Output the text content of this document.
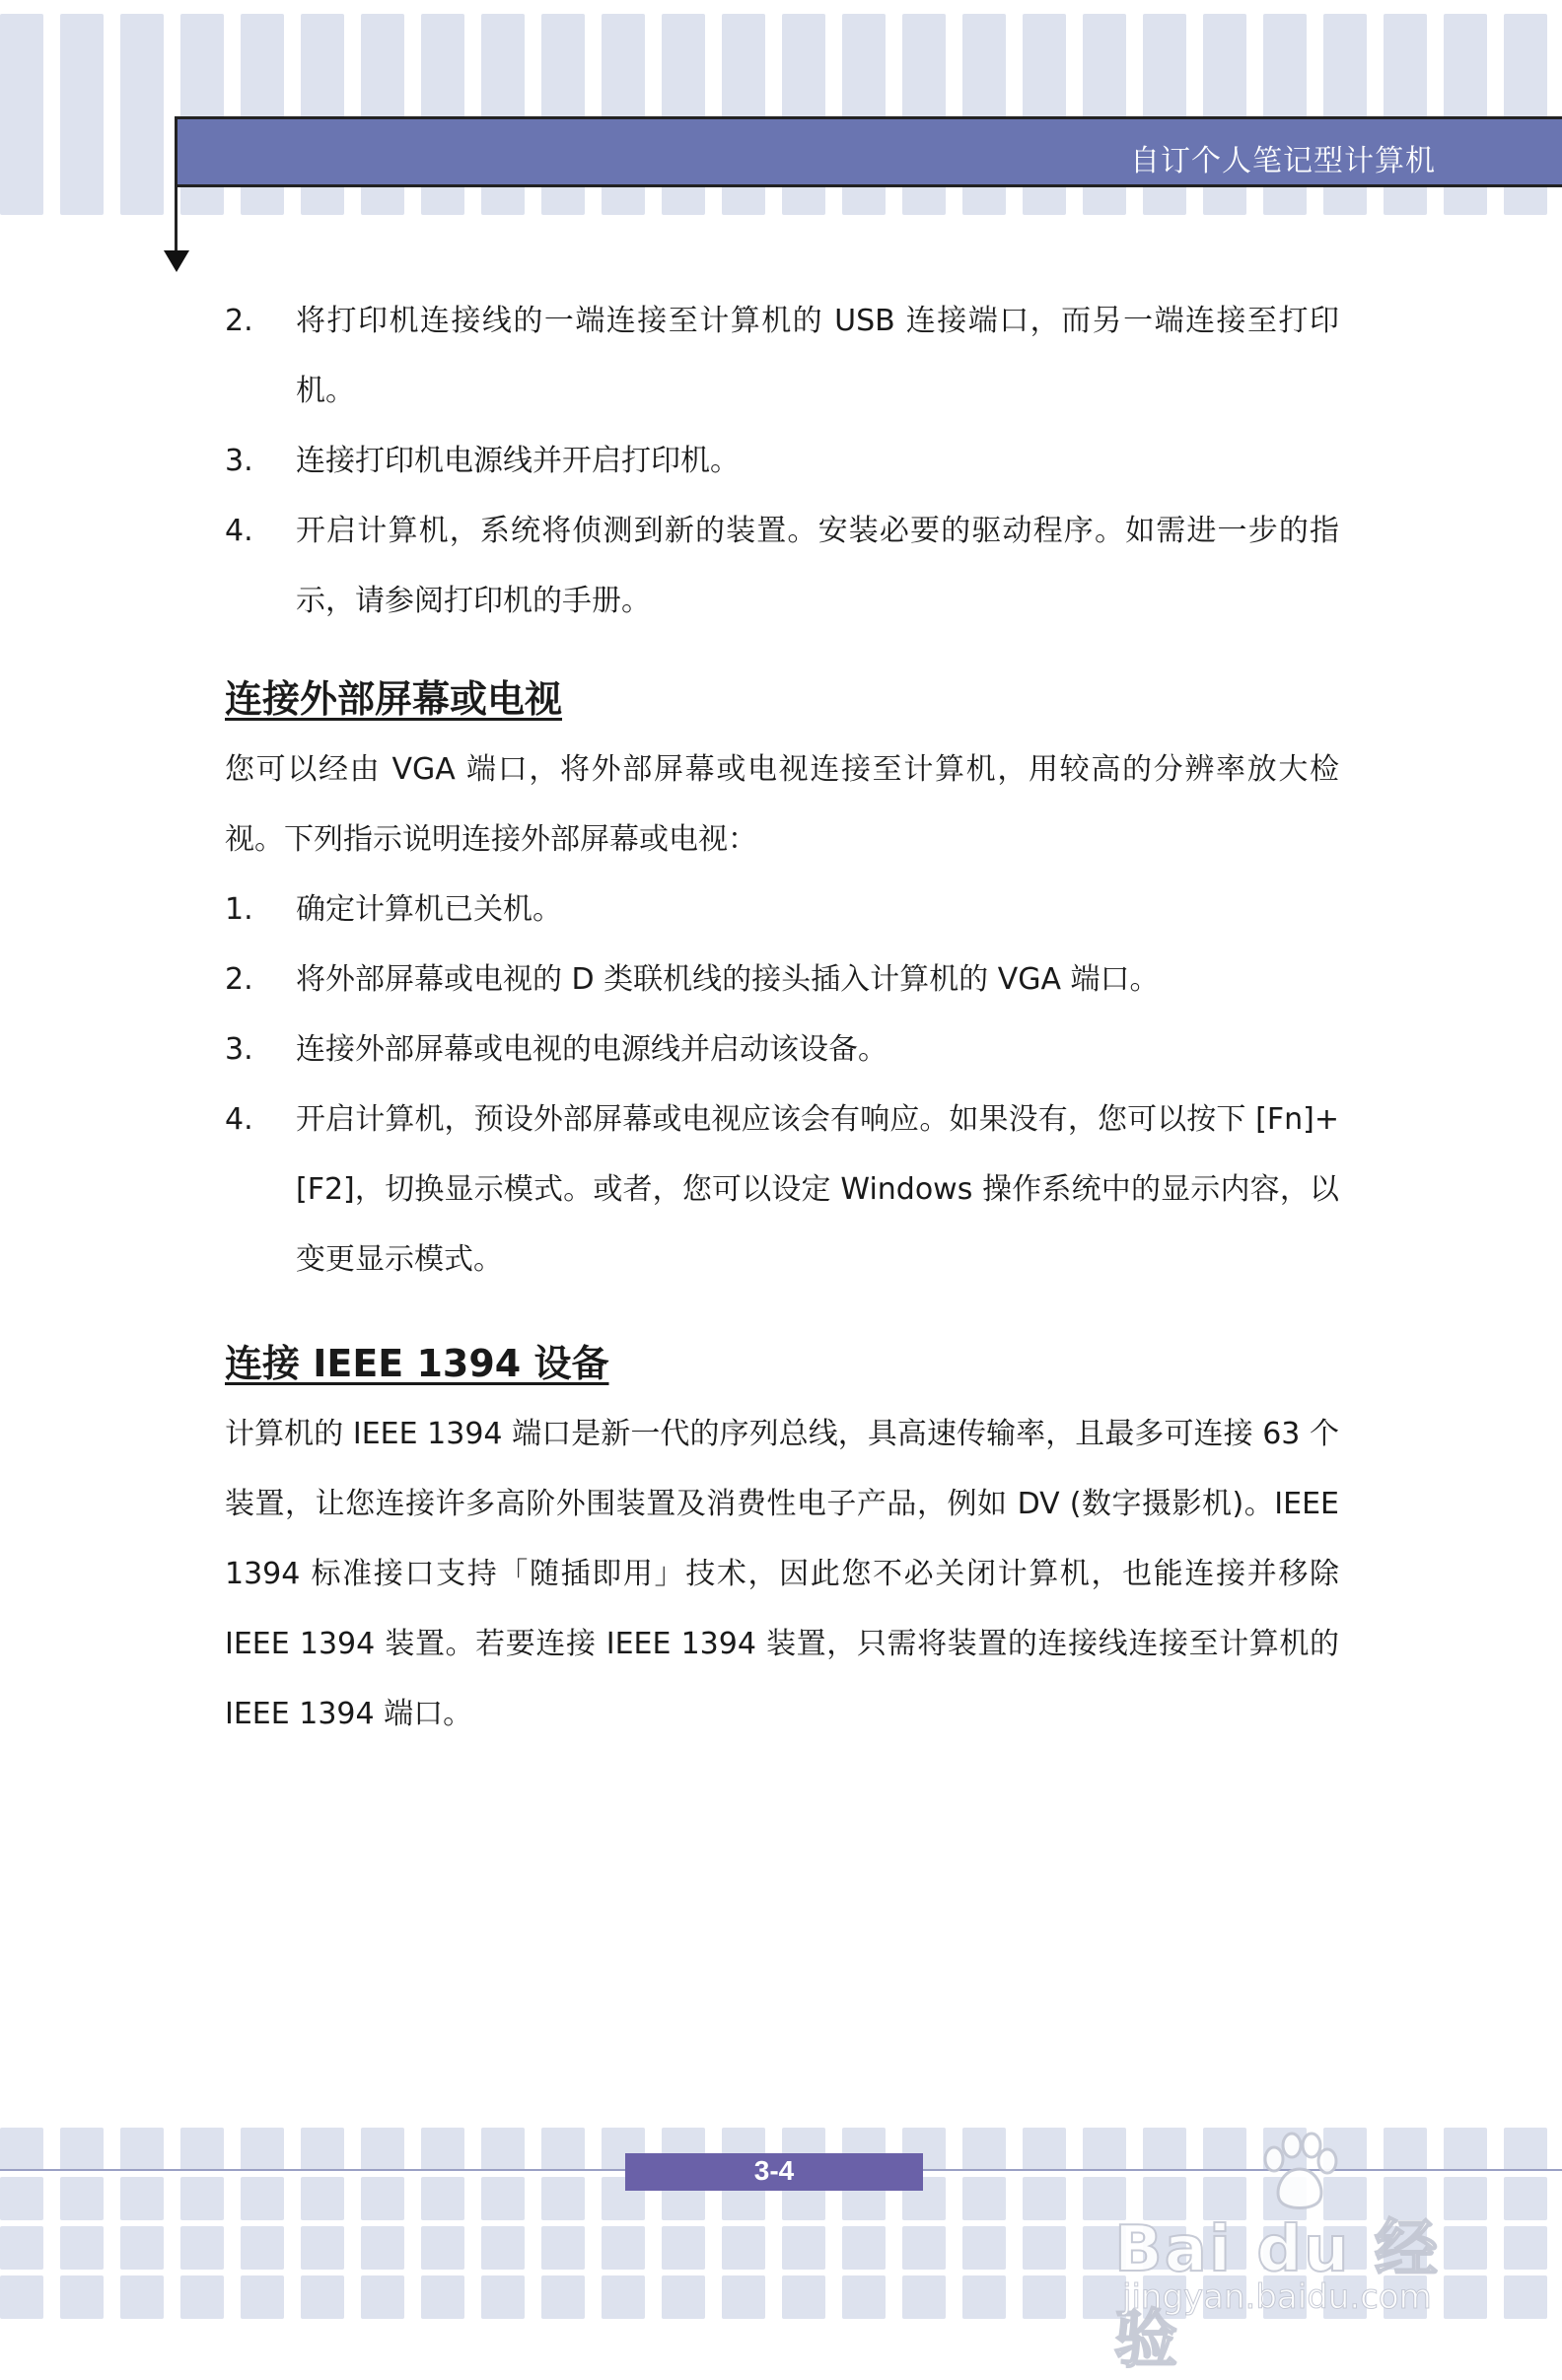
自订个人笔记型计算机
2. 将打印机连接线的一端连接至计算机的 USB 连接端口，而另一端连接至打印机。
3. 连接打印机电源线并开启打印机。
4. 开启计算机，系统将侦测到新的装置。安装必要的驱动程序。如需进一步的指示，请参阅打印机的手册。
连接外部屏幕或电视
您可以经由 VGA 端口，将外部屏幕或电视连接至计算机，用较高的分辨率放大检视。下列指示说明连接外部屏幕或电视：
1. 确定计算机已关机。
2. 将外部屏幕或电视的 D 类联机线的接头插入计算机的 VGA 端口。
3. 连接外部屏幕或电视的电源线并启动该设备。
4. 开启计算机，预设外部屏幕或电视应该会有响应。如果没有，您可以按下 [Fn]+[F2]，切换显示模式。或者，您可以设定 Windows 操作系统中的显示内容，以变更显示模式。
连接 IEEE 1394 设备
计算机的 IEEE 1394 端口是新一代的序列总线，具高速传输率，且最多可连接 63 个装置，让您连接许多高阶外围装置及消费性电子产品，例如 DV (数字摄影机)。IEEE 1394 标准接口支持「随插即用」技术，因此您不必关闭计算机，也能连接并移除 IEEE 1394 装置。若要连接 IEEE 1394 装置，只需将装置的连接线连接至计算机的 IEEE 1394 端口。
3-4
Bai du 经验
jingyan.baidu.com
